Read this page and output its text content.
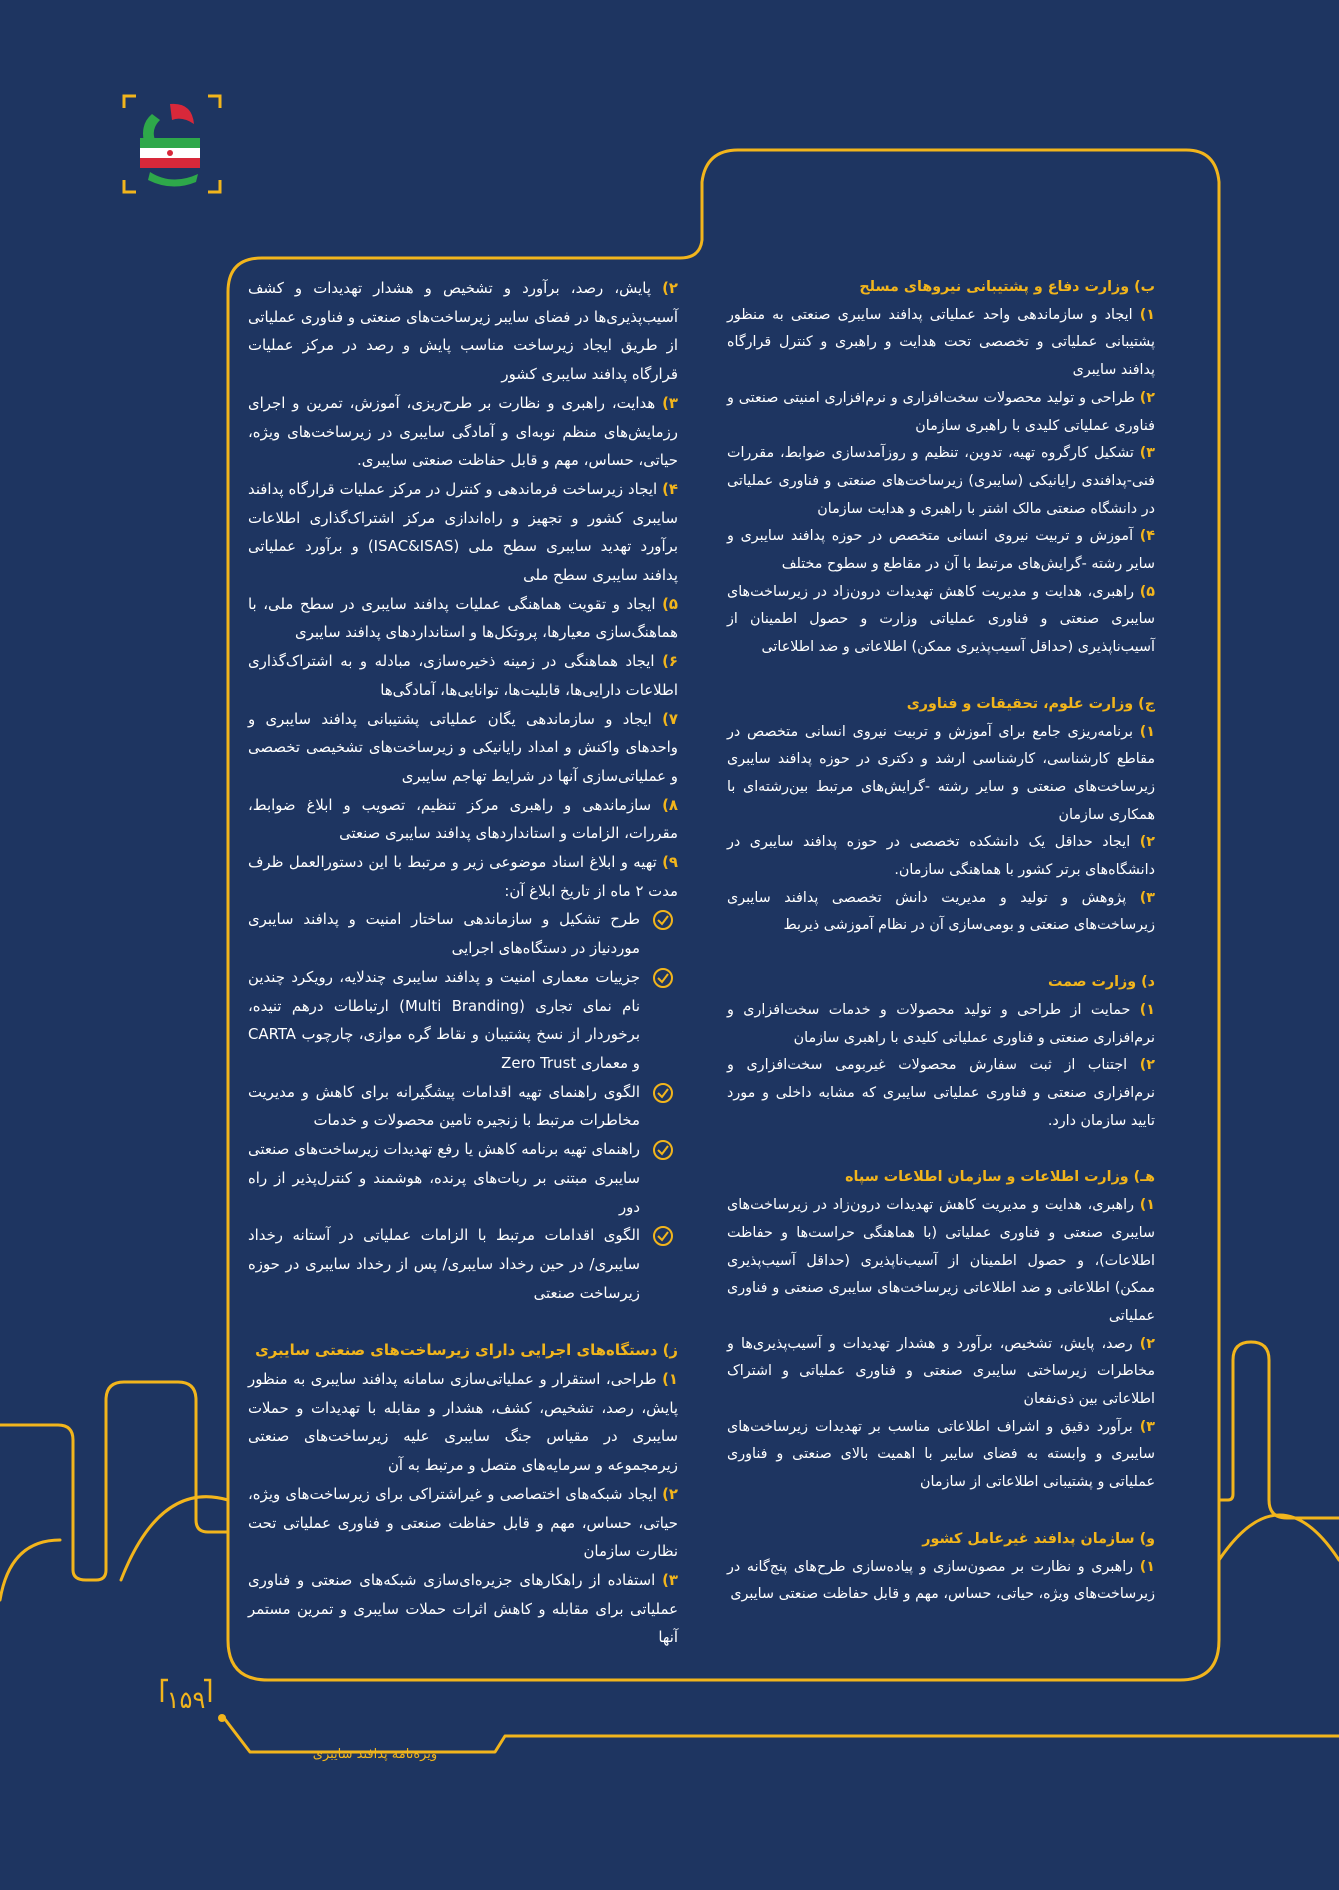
ب) وزارت دفاع و پشتیبانی نیروهای مسلح

۱) ایجاد و سازماندهی واحد عملیاتی پدافند سایبری صنعتی به منظور پشتیبانی عملیاتی و تخصصی تحت هدایت و راهبری و کنترل قرارگاه پدافند سایبری

۲) طراحی و تولید محصولات سخت‌افزاری و نرم‌افزاری امنیتی صنعتی و فناوری عملیاتی کلیدی با راهبری سازمان

۳) تشکیل کارگروه تهیه، تدوین، تنظیم و روزآمدسازی ضوابط، مقررات فنی-پدافندی رایانیکی (سایبری) زیرساخت‌های صنعتی و فناوری عملیاتی در دانشگاه صنعتی مالک اشتر با راهبری و هدایت سازمان

۴) آموزش و تربیت نیروی انسانی متخصص در حوزه پدافند سایبری و سایر رشته -گرایش‌های مرتبط با آن در مقاطع و سطوح مختلف

۵) راهبری، هدایت و مدیریت کاهش تهدیدات درون‌زاد در زیرساخت‌های سایبری صنعتی و فناوری عملیاتی وزارت و حصول اطمینان از آسیب‌ناپذیری (حداقل آسیب‌پذیری ممکن) اطلاعاتی و ضد اطلاعاتی

ج) وزارت علوم، تحقیقات و فناوری

۱) برنامه‌ریزی جامع برای آموزش و تربیت نیروی انسانی متخصص در مقاطع کارشناسی، کارشناسی ارشد و دکتری در حوزه پدافند سایبری زیرساخت‌های صنعتی و سایر رشته -گرایش‌های مرتبط بین‌رشته‌ای با همکاری سازمان

۲) ایجاد حداقل یک دانشکده تخصصی در حوزه پدافند سایبری در دانشگاه‌های برتر کشور با هماهنگی سازمان.

۳) پژوهش و تولید و مدیریت دانش تخصصی پدافند سایبری زیرساخت‌های صنعتی و بومی‌سازی آن در نظام آموزشی ذیربط

د) وزارت صمت

۱) حمایت از طراحی و تولید محصولات و خدمات سخت‌افزاری و نرم‌افزاری صنعتی و فناوری عملیاتی کلیدی با راهبری سازمان

۲) اجتناب از ثبت سفارش محصولات غیربومی سخت‌افزاری و نرم‌افزاری صنعتی و فناوری عملیاتی سایبری که مشابه داخلی و مورد تایید سازمان دارد.

هـ) وزارت اطلاعات و سازمان اطلاعات سپاه

۱) راهبری، هدایت و مدیریت کاهش تهدیدات درون‌زاد در زیرساخت‌های سایبری صنعتی و فناوری عملیاتی (با هماهنگی حراست‌ها و حفاظت اطلاعات)، و حصول اطمینان از آسیب‌ناپذیری (حداقل آسیب‌پذیری ممکن) اطلاعاتی و ضد اطلاعاتی زیرساخت‌های سایبری صنعتی و فناوری عملیاتی

۲) رصد، پایش، تشخیص، برآورد و هشدار تهدیدات و آسیب‌پذیری‌ها و مخاطرات زیرساختی سایبری صنعتی و فناوری عملیاتی و اشتراک اطلاعاتی بین ذی‌نفعان

۳) برآورد دقیق و اشراف اطلاعاتی مناسب بر تهدیدات زیرساخت‌های سایبری و وابسته به فضای سایبر با اهمیت بالای صنعتی و فناوری عملیاتی و پشتیبانی اطلاعاتی از سازمان

و) سازمان پدافند غیرعامل کشور

۱) راهبری و نظارت بر مصون‌سازی و پیاده‌سازی طرح‌های پنج‌گانه در زیرساخت‌های ویژه، حیاتی، حساس، مهم و قابل حفاظت صنعتی سایبری

۲) پایش، رصد، برآورد و تشخیص و هشدار تهدیدات و کشف آسیب‌پذیری‌ها در فضای سایبر زیرساخت‌های صنعتی و فناوری عملیاتی از طریق ایجاد زیرساخت مناسب پایش و رصد در مرکز عملیات قرارگاه پدافند سایبری کشور

۳) هدایت، راهبری و نظارت بر طرح‌ریزی، آموزش، تمرین و اجرای رزمایش‌های منظم نوبه‌ای و آمادگی سایبری در زیرساخت‌های ویژه، حیاتی، حساس، مهم و قابل حفاظت صنعتی سایبری.

۴) ایجاد زیرساخت فرماندهی و کنترل در مرکز عملیات قرارگاه پدافند سایبری کشور و تجهیز و راه‌اندازی مرکز اشتراک‌گذاری اطلاعات برآورد تهدید سایبری سطح ملی (ISAC&ISAS) و برآورد عملیاتی پدافند سایبری سطح ملی

۵) ایجاد و تقویت هماهنگی عملیات پدافند سایبری در سطح ملی، با هماهنگ‌سازی معیارها، پروتکل‌ها و استانداردهای پدافند سایبری

۶) ایجاد هماهنگی در زمینه ذخیره‌سازی، مبادله و به اشتراک‌گذاری اطلاعات دارایی‌ها، قابلیت‌ها، توانایی‌ها، آمادگی‌ها

۷) ایجاد و سازماندهی یگان عملیاتی پشتیبانی پدافند سایبری و واحدهای واکنش و امداد رایانیکی و زیرساخت‌های تشخیصی تخصصی و عملیاتی‌سازی آنها در شرایط تهاجم سایبری

۸) سازماندهی و راهبری مرکز تنظیم، تصویب و ابلاغ ضوابط، مقررات، الزامات و استانداردهای پدافند سایبری صنعتی

۹) تهیه و ابلاغ اسناد موضوعی زیر و مرتبط با این دستورالعمل ظرف مدت ۲ ماه از تاریخ ابلاغ آن:

طرح تشکیل و سازماندهی ساختار امنیت و پدافند سایبری موردنیاز در دستگاه‌های اجرایی

جزییات معماری امنیت و پدافند سایبری چندلایه، رویکرد چندین نام نمای تجاری (Multi Branding) ارتباطات درهم تنیده، برخوردار از نسخ پشتیبان و نقاط گره موازی، چارچوب CARTA و معماری Zero Trust

الگوی راهنمای تهیه اقدامات پیشگیرانه برای کاهش و مدیریت مخاطرات مرتبط با زنجیره تامین محصولات و خدمات

راهنمای تهیه برنامه کاهش یا رفع تهدیدات زیرساخت‌های صنعتی سایبری مبتنی بر ربات‌های پرنده، هوشمند و کنترل‌پذیر از راه دور

الگوی اقدامات مرتبط با الزامات عملیاتی در آستانه رخداد سایبری/ در حین رخداد سایبری/ پس از رخداد سایبری در حوزه زیرساخت صنعتی

ز) دستگاه‌های اجرایی دارای زیرساخت‌های صنعتی سایبری

۱) طراحی، استقرار و عملیاتی‌سازی سامانه پدافند سایبری به منظور پایش، رصد، تشخیص، کشف، هشدار و مقابله با تهدیدات و حملات سایبری در مقیاس جنگ سایبری علیه زیرساخت‌های صنعتی زیرمجموعه و سرمایه‌های متصل و مرتبط به آن

۲) ایجاد شبکه‌های اختصاصی و غیراشتراکی برای زیرساخت‌های ویژه، حیاتی، حساس، مهم و قابل حفاظت صنعتی و فناوری عملیاتی تحت نظارت سازمان

۳) استفاده از راهکارهای جزیره‌ای‌سازی شبکه‌های صنعتی و فناوری عملیاتی برای مقابله و کاهش اثرات حملات سایبری و تمرین مستمر آنها

۱۵۹
ویژه‌نامه پدافند سایبری
